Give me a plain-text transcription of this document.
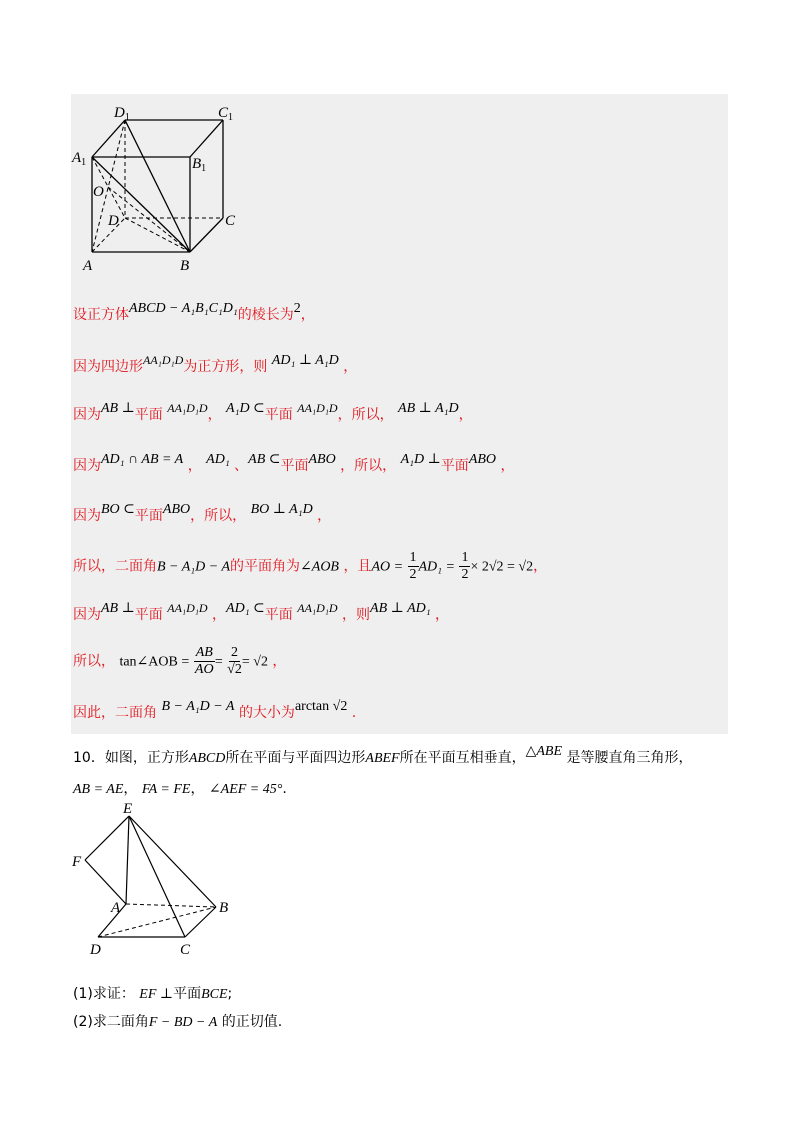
$D_1$	$C_1$
$A_1$	$B_1$
O
D	C
A	B
设正方体ABCD − A₁B₁C₁D₁的棱长为2，
因为四边形AA₁D₁D为正方形，则 AD₁ ⊥ A₁D ，
因为AB ⊥平面 AA₁D₁D， A₁D ⊂平面 AA₁D₁D，所以， AB ⊥ A₁D，
因为AD₁ ∩ AB = A ， AD₁ 、AB ⊂平面ABO ，所以， A₁D ⊥平面ABO ，
因为BO ⊂平面ABO，所以， BO ⊥ A₁D ，
所以，二面角B − A₁D − A的平面角为∠AOB ，且AO = $\frac{1}{2} AD_1 = \frac{1}{2} \times 2√2 = √2$，
因为AB ⊥平面 AA₁D₁D ，AD₁ ⊂平面 AA₁D₁D ，则AB ⊥ AD₁ ，
所以， tan∠AOB = $\frac{AB}{AO} = \frac{2}{√2} = √2$ ，
因此，二面角 B − A₁D − A 的大小为arctan √2 .
10．如图，正方形ABCD所在平面与平面四边形ABEF所在平面互相垂直，△ABE 是等腰直角三角形，
AB = AE， FA = FE， ∠AEF = 45°.
E
F
A	B
D	C
(1)求证： EF ⊥平面BCE;
(2)求二面角F − BD − A 的正切值.
